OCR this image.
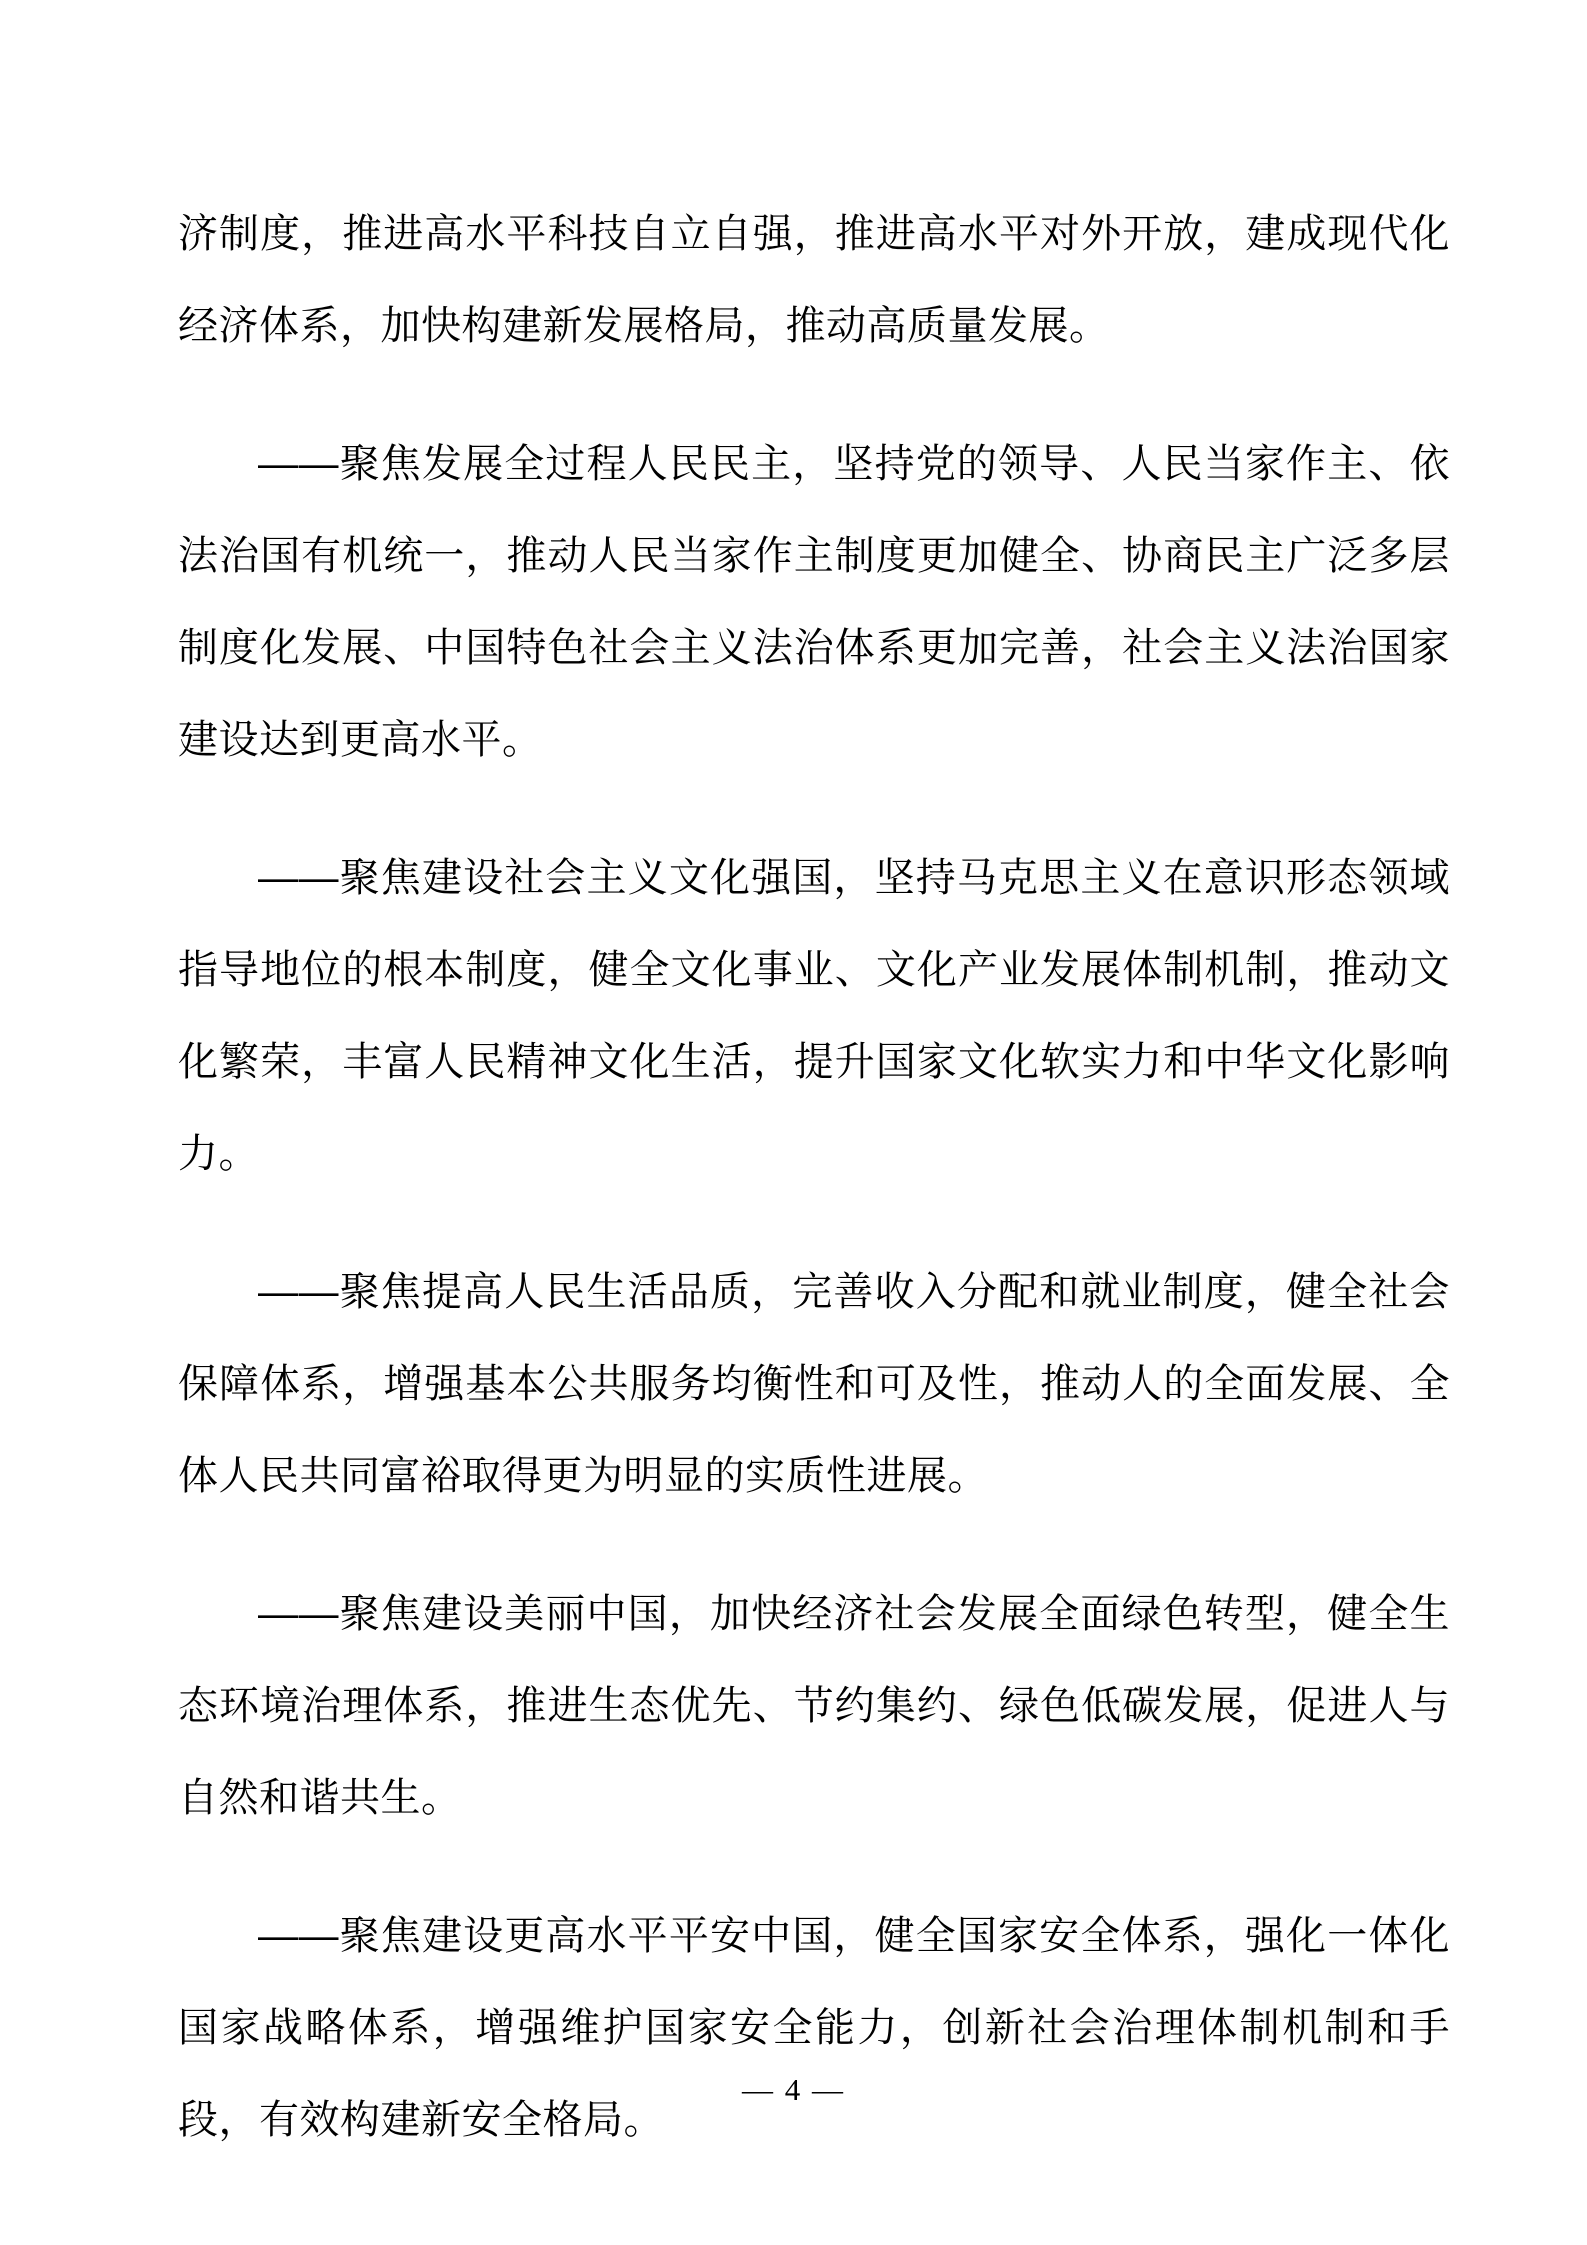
济制度，推进高水平科技自立自强，推进高水平对外开放，建成现代化经济体系，加快构建新发展格局，推动高质量发展。

——聚焦发展全过程人民民主，坚持党的领导、人民当家作主、依法治国有机统一，推动人民当家作主制度更加健全、协商民主广泛多层制度化发展、中国特色社会主义法治体系更加完善，社会主义法治国家建设达到更高水平。

——聚焦建设社会主义文化强国，坚持马克思主义在意识形态领域指导地位的根本制度，健全文化事业、文化产业发展体制机制，推动文化繁荣，丰富人民精神文化生活，提升国家文化软实力和中华文化影响力。

——聚焦提高人民生活品质，完善收入分配和就业制度，健全社会保障体系，增强基本公共服务均衡性和可及性，推动人的全面发展、全体人民共同富裕取得更为明显的实质性进展。

——聚焦建设美丽中国，加快经济社会发展全面绿色转型，健全生态环境治理体系，推进生态优先、节约集约、绿色低碳发展，促进人与自然和谐共生。

——聚焦建设更高水平平安中国，健全国家安全体系，强化一体化国家战略体系，增强维护国家安全能力，创新社会治理体制机制和手段，有效构建新安全格局。

— 4 —
